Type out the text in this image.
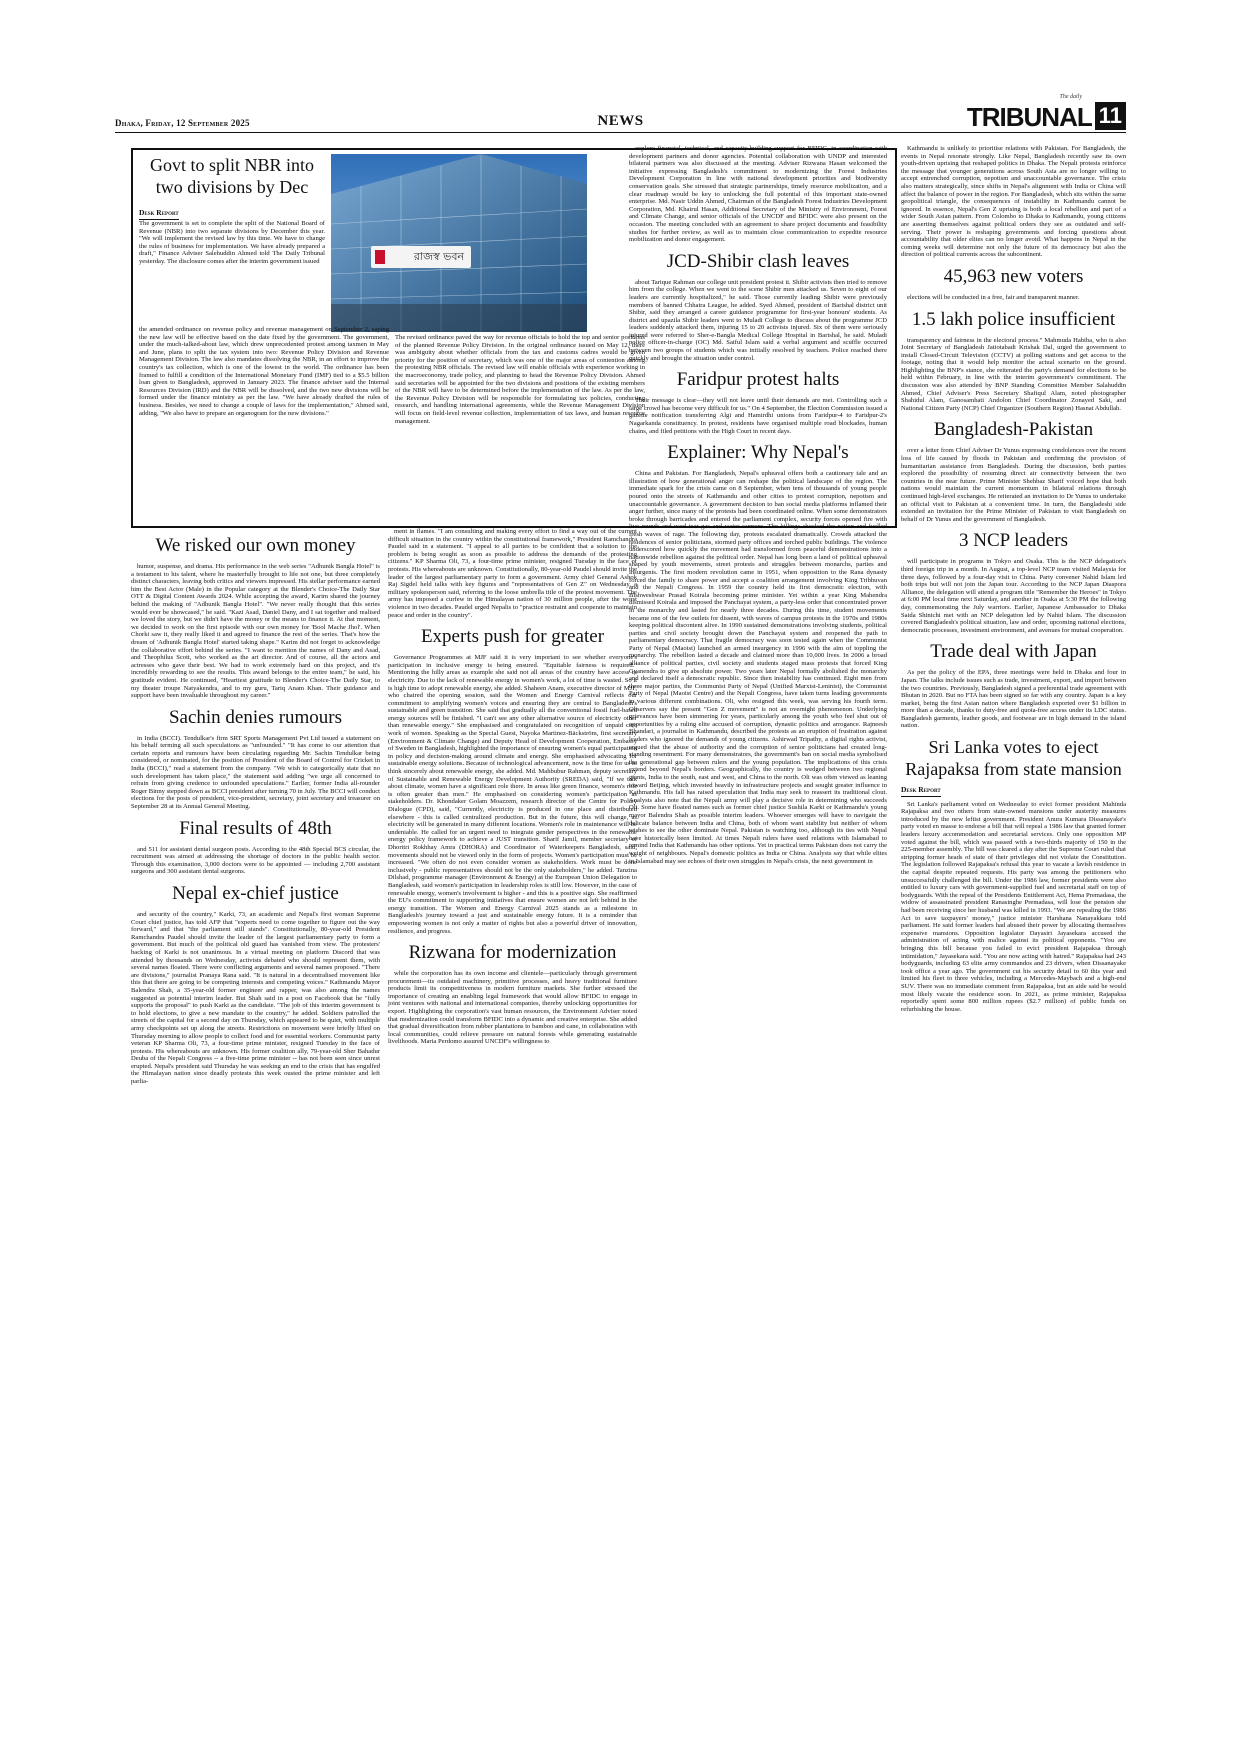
Dhaka, Friday, 12 September 2025	NEWS
The daily
TRIBUNAL 11
Govt to split NBR into two divisions by Dec
Desk Report
The government is set to complete the split of the National Board of Revenue (NBR) into two separate divisions by December this year. "We will implement the revised law by this time. We have to change the rules of business for implementation. We have already prepared a draft," Finance Adviser Salehuddin Ahmed told The Daily Tribunal yesterday. The disclosure comes after the interim government issued	রাজস্ব ভবন
the amended ordinance on revenue policy and revenue management on September 2, saying the new law will be effective based on the date fixed by the government. The government, under the much-talked-about law, which drew unprecedented protest among taxmen in May and June, plans to split the tax system into two: Revenue Policy Division and Revenue Management Division. The law also mandates dissolving the NBR, in an effort to improve the country's tax collection, which is one of the lowest in the world. The ordinance has been framed to fulfill a condition of the International Monetary Fund (IMF) tied to a $5.5 billion loan given to Bangladesh, approved in January 2023. The finance adviser said the Internal Resources Division (IRD) and the NBR will be dissolved, and the two new divisions will be formed under the finance ministry as per the law. "We have already drafted the rules of business. Besides, we need to change a couple of laws for the implementation," Ahmed said, adding, "We also have to prepare an organogram for the new divisions."
The revised ordinance paved the way for revenue officials to hold the top and senior positions of the planned Revenue Policy Division. In the original ordinance issued on May 12, there was ambiguity about whether officials from the tax and customs cadres would be given priority for the position of secretary, which was one of the major areas of contention among the protesting NBR officials. The revised law will enable officials with experience working in the macroeconomy, trade policy, and planning to head the Revenue Policy Division. Ahmed said secretaries will be appointed for the two divisions and positions of the existing members of the NBR will have to be determined before the implementation of the law. As per the law, the Revenue Policy Division will be responsible for formulating tax policies, conducting research, and handling international agreements, while the Revenue Management Division will focus on field-level revenue collection, implementation of tax laws, and human resource management.
We risked our own money

humor, suspense, and drama. His performance in the web series "Adhunik Bangla Hotel" is a testament to his talent, where he masterfully brought to life not one, but three completely distinct characters, leaving both critics and viewers impressed. His stellar performance earned him the Best Actor (Male) in the Popular category at the Blender's Choice-The Daily Star OTT & Digital Content Awards 2024. While accepting the award, Karim shared the journey behind the making of "Adhunik Bangla Hotel". "We never really thought that this series would ever be showcased," he said. "Kazi Asad, Daniel Dany, and I sat together and realised we loved the story, but we didn't have the money or the means to finance it. At that moment, we decided to work on the first episode with our own money for 'Bool Mache Jhol'. When Chorki saw it, they really liked it and agreed to finance the rest of the series. That's how the dream of 'Adhunik Bangla Hotel' started taking shape." Karim did not forget to acknowledge the collaborative effort behind the series. "I want to mention the names of Dany and Asad, and Theophilus Scott, who worked as the art director. And of course, all the actors and actresses who gave their best. We had to work extremely hard on this project, and it's incredibly rewarding to see the results. This award belongs to the entire team," he said, his gratitude evident. He continued, "Heartiest gratitude to Blender's Choice-The Daily Star, to my theater troupe Natyakendra, and to my guru, Tariq Anam Khan. Their guidance and support have been invaluable throughout my career."

Sachin denies rumours

in India (BCCI). Tendulkar's firm SRT Sports Management Pvt Ltd issued a statement on his behalf terming all such speculations as "unfounded." "It has come to our attention that certain reports and rumours have been circulating regarding Mr. Sachin Tendulkar being considered, or nominated, for the position of President of the Board of Control for Cricket in India (BCCI)," read a statement from the company. "We wish to categorically state that no such development has taken place," the statement said adding "we urge all concerned to refrain from giving credence to unfounded speculations." Earlier, former India all-rounder Roger Binny stepped down as BCCI president after turning 70 in July. The BCCI will conduct elections for the posts of president, vice-president, secretary, joint secretary and treasurer on September 28 at its Annual General Meeting.

Final results of 48th

and 511 for assistant dental surgeon posts. According to the 48th Special BCS circular, the recruitment was aimed at addressing the shortage of doctors in the public health sector. Through this examination, 3,000 doctors were to be appointed — including 2,700 assistant surgeons and 300 assistant dental surgeons.

Nepal ex-chief justice

and security of the country," Karki, 73, an academic and Nepal's first woman Supreme Court chief justice, has told AFP that "experts need to come together to figure out the way forward," and that "the parliament still stands". Constitutionally, 80-year-old President Ramchandra Paudel should invite the leader of the largest parliamentary party to form a government. But much of the political old guard has vanished from view. The protesters' backing of Karki is not unanimous. In a virtual meeting on platform Discord that was attended by thousands on Wednesday, activists debated who should represent them, with several names floated. There were conflicting arguments and several names proposed. "There are divisions," journalist Pranaya Rana said. "It is natural in a decentralised movement like this that there are going to be competing interests and competing voices." Kathmandu Mayor Balendra Shah, a 35-year-old former engineer and rapper, was also among the names suggested as potential interim leader. But Shah said in a post on Facebook that he "fully supports the proposal" to push Karki as the candidate. "The job of this interim government is to hold elections, to give a new mandate to the country," he added. Soldiers patrolled the streets of the capital for a second day on Thursday, which appeared to be quiet, with multiple army checkpoints set up along the streets. Restrictions on movement were briefly lifted on Thursday morning to allow people to collect food and for essential workers. Communist party veteran KP Sharma Oli, 73, a four-time prime minister, resigned Tuesday in the face of protests. His whereabouts are unknown. His former coalition ally, 79-year-old Sher Bahadur Deuba of the Nepali Congress -- a five-time prime minister -- has not been seen since unrest erupted. Nepal's president said Thursday he was seeking an end to the crisis that has engulfed the Himalayan nation since deadly protests this week ousted the prime minister and left parlia-

ment in flames. "I am consulting and making every effort to find a way out of the current difficult situation in the country within the constitutional framework," President Ramchandra Paudel said in a statement. "I appeal to all parties to be confident that a solution to the problem is being sought as soon as possible to address the demands of the protesting citizens." KP Sharma Oli, 73, a four-time prime minister, resigned Tuesday in the face of protests. His whereabouts are unknown. Constitutionally, 80-year-old Paudel should invite the leader of the largest parliamentary party to form a government. Army chief General Ashok Raj Sigdel held talks with key figures and "representatives of Gen Z" on Wednesday, a military spokesperson said, referring to the loose umbrella title of the protest movement. The army has imposed a curfew in the Himalayan nation of 30 million people, after the worst violence in two decades. Paudel urged Nepalis to "practice restraint and cooperate to maintain peace and order in the country".

Experts push for greater

Governance Programmes at MJF said it is very important to see whether everyone's participation in inclusive energy is being ensured. "Equitable fairness is required." Mentioning the hilly areas as example she said not all areas of the country have access to electricity. Due to the lack of renewable energy in women's work, a lot of time is wasted. So it is high time to adopt renewable energy, she added. Shaheen Anam, executive director of MJF, who chaired the opening session, said the Women and Energy Carnival reflects our commitment to amplifying women's voices and ensuring they are central to Bangladesh's sustainable and green transition. She said that gradually all the conventional fossil fuel-based energy sources will be finished. "I can't see any other alternative source of electricity other than renewable energy." She emphasised and congratulated on recognition of unpaid care work of women. Speaking as the Special Guest, Nayoka Martinez-Bäckström, first secretary (Environment & Climate Change) and Deputy Head of Development Cooperation, Embassy of Sweden in Bangladesh, highlighted the importance of ensuring women's equal participation in policy and decision-making around climate and energy. She emphasised advocating for sustainable energy solutions. Because of technological advancement, now is the time for us to think sincerely about renewable energy, she added. Md. Mahbubur Rahman, deputy secretary of Sustainable and Renewable Energy Development Authority (SREDA) said, "If we talk about climate, women have a significant role there. In areas like green finance, women's role is often greater than men." He emphasised on considering women's participation as stakeholders. Dr. Khondaker Golam Moazzem, research director of the Centre for Policy Dialogue (CPD), said, "Currently, electricity is produced in one place and distributed elsewhere - this is called centralized production. But in the future, this will change, as electricity will be generated in many different locations. Women's role in maintenance will be undeniable. He called for an urgent need to integrate gender perspectives in the renewable energy policy framework to achieve a JUST transition. Sharif Jamil, member secretary of Dhoritri Rokhhay Amra (DHORA) and Coordinator of Waterkeepers Bangladesh, said, movements should not be viewed only in the form of projects. Women's participation must be increased. "We often do not even consider women as stakeholders. Work must be done inclusively - public representatives should not be the only stakeholders," he added. Tanzina Dilshad, programme manager (Environment & Energy) at the European Union Delegation to Bangladesh, said women's participation in leadership roles is still low. However, in the case of renewable energy, women's involvement is higher - and this is a positive sign. She reaffirmed the EU's commitment to supporting initiatives that ensure women are not left behind in the energy transition. The Women and Energy Carnival 2025 stands as a milestone in Bangladesh's journey toward a just and sustainable energy future. It is a reminder that empowering women is not only a matter of rights but also a powerful driver of innovation, resilience, and progress.

Rizwana for modernization

while the corporation has its own income and clientele—particularly through government procurement—its outdated machinery, primitive processes, and heavy traditional furniture products limit its competitiveness in modern furniture markets. She further stressed the importance of creating an enabling legal framework that would allow BFIDC to engage in joint ventures with national and international companies, thereby unlocking opportunities for export. Highlighting the corporation's vast human resources, the Environment Adviser noted that modernization could transform BFIDC into a dynamic and creative enterprise. She added that gradual diversification from rubber plantations to bamboo and cane, in collaboration with local communities, could relieve pressure on natural forests while generating sustainable livelihoods. Maria Perdomo assured UNCDF's willingness to

explore financial, technical, and capacity-building support for BFIDC, in coordination with development partners and donor agencies. Potential collaboration with UNDP and interested bilateral partners was also discussed at the meeting. Adviser Rizwana Hasan welcomed the initiative expressing Bangladesh's commitment to modernizing the Forest Industries Development Corporation in line with national development priorities and biodiversity conservation goals. She stressed that strategic partnerships, timely resource mobilization, and a clear roadmap would be key to unlocking the full potential of this important state-owned enterprise. Md. Nasir Uddin Ahmed, Chairman of the Bangladesh Forest Industries Development Corporation, Md. Khairul Hasan, Additional Secretary of the Ministry of Environment, Forest and Climate Change, and senior officials of the UNCDF and BFIDC were also present on the occasion. The meeting concluded with an agreement to share project documents and feasibility studies for further review, as well as to maintain close communication to expedite resource mobilization and donor engagement.

JCD-Shibir clash leaves

about Tarique Rahman our college unit president protest it. Shibir activists then tried to remove him from the college. When we went to the scene Shibir men attacked us. Seven to eight of our leaders are currently hospitalized," he said. Those currently leading Shibir were previously members of banned Chhatra League, he added. Syed Ahmed, president of Barishal district unit Shibir, said they arranged a career guidance programme for first-year honours' students. As district and upazila Shibir leaders went to Muladi College to discuss about the programme JCD leaders suddenly attacked them, injuring 15 to 20 activists injured. Six of them were seriously injured were referred to Sher-e-Bangla Medical College Hospital in Barishal, he said. Muladi police officer-in-charge (OC) Md. Saiful Islam said a verbal argument and scuffle occurred between two groups of students which was initially resolved by teachers. Police reached there quickly and brought the situation under control.

Faridpur protest halts

Their message is clear—they will not leave until their demands are met. Controlling such a large crowd has become very difficult for us." On 4 September, the Election Commission issued a gazette notification transferring Algi and Hamirdhi unions from Faridpur-4 to Faridpur-2's Nagarkanda constituency. In protest, residents have organised multiple road blockades, human chains, and filed petitions with the High Court in recent days.

Explainer: Why Nepal's

China and Pakistan. For Bangladesh, Nepal's upheaval offers both a cautionary tale and an illustration of how generational anger can reshape the political landscape of the region. The immediate spark for the crisis came on 8 September, when tens of thousands of young people poured onto the streets of Kathmandu and other cities to protest corruption, nepotism and unaccountable governance. A government decision to ban social media platforms inflamed their anger further, since many of the protests had been coordinated online. When some demonstrators broke through barricades and entered the parliament complex, security forces opened fire with live rounds and used tear gas and water cannons. The killings shocked the nation and fuelled fresh waves of rage. The following day, protests escalated dramatically. Crowds attacked the residences of senior politicians, stormed party offices and torched public buildings. The violence underscored how quickly the movement had transformed from peaceful demonstrations into a nationwide rebellion against the political order. Nepal has long been a land of political upheaval shaped by youth movements, street protests and struggles between monarchs, parties and insurgents. The first modern revolution came in 1951, when opposition to the Rana dynasty forced the family to share power and accept a coalition arrangement involving King Tribhuvan and the Nepali Congress. In 1959 the country held its first democratic election, with Bishweshwar Prasad Koirala becoming prime minister. Yet within a year King Mahendra dismissed Koirala and imposed the Panchayat system, a party-less order that concentrated power in the monarchy and lasted for nearly three decades. During this time, student movements became one of the few outlets for dissent, with waves of campus protests in the 1970s and 1980s keeping political discontent alive. In 1990 sustained demonstrations involving students, political parties and civil society brought down the Panchayat system and reopened the path to parliamentary democracy. That fragile democracy was soon tested again when the Communist Party of Nepal (Maoist) launched an armed insurgency in 1996 with the aim of toppling the monarchy. The rebellion lasted a decade and claimed more than 10,000 lives. In 2006 a broad alliance of political parties, civil society and students staged mass protests that forced King Gyanendra to give up absolute power. Two years later Nepal formally abolished the monarchy and declared itself a democratic republic. Since then instability has continued. Eight men from three major parties, the Communist Party of Nepal (Unified Marxist-Leninist), the Communist Party of Nepal (Maoist Centre) and the Nepali Congress, have taken turns leading governments in various different combinations. Oli, who resigned this week, was serving his fourth term. Observers say the present "Gen Z movement" is not an overnight phenomenon. Underlying grievances have been simmering for years, particularly among the youth who feel shut out of opportunities by a ruling elite accused of corruption, dynastic politics and arrogance. Rajneesh Bhandari, a journalist in Kathmandu, described the protests as an eruption of frustration against leaders who ignored the demands of young citizens. Ashirwad Tripathy, a digital rights activist, argued that the abuse of authority and the corruption of senior politicians had created long-standing resentment. For many demonstrators, the government's ban on social media symbolised the generational gap between rulers and the young population. The implications of this crisis extend beyond Nepal's borders. Geographically, the country is wedged between two regional giants, India to the south, east and west, and China to the north. Oli was often viewed as leaning toward Beijing, which invested heavily in infrastructure projects and sought greater influence in Kathmandu. His fall has raised speculation that India may seek to reassert its traditional clout. Analysts also note that the Nepali army will play a decisive role in determining who succeeds Oli. Some have floated names such as former chief justice Sushila Karki or Kathmandu's young mayor Balendra Shah as possible interim leaders. Whoever emerges will have to navigate the delicate balance between India and China, both of whom want stability but neither of whom wishes to see the other dominate Nepal. Pakistan is watching too, although its ties with Nepal have historically been limited. At times Nepali rulers have used relations with Islamabad to remind India that Kathmandu has other options. Yet in practical terms Pakistan does not carry the weight of neighbours. Nepal's domestic politics as India or China. Analysts say that while elites in Islamabad may see echoes of their own struggles in Nepal's crisis, the next government in

Kathmandu is unlikely to prioritise relations with Pakistan. For Bangladesh, the events in Nepal resonate strongly. Like Nepal, Bangladesh recently saw its own youth-driven uprising that reshaped politics in Dhaka. The Nepali protests reinforce the message that younger generations across South Asia are no longer willing to accept entrenched corruption, nepotism and unaccountable governance. The crisis also matters strategically, since shifts in Nepal's alignment with India or China will affect the balance of power in the region. For Bangladesh, which sits within the same geopolitical triangle, the consequences of instability in Kathmandu cannot be ignored. In essence, Nepal's Gen Z uprising is both a local rebellion and part of a wider South Asian pattern. From Colombo to Dhaka to Kathmandu, young citizens are asserting themselves against political orders they see as outdated and self-serving. Their power is reshaping governments and forcing questions about accountability that older elites can no longer avoid. What happens in Nepal in the coming weeks will determine not only the future of its democracy but also the direction of political currents across the subcontinent.

45,963 new voters

elections will be conducted in a free, fair and transparent manner.

1.5 lakh police insufficient

transparency and fairness in the electoral process." Mahmuda Habiba, who is also Joint Secretary of Bangladesh Jatiotabadi Krishak Dal, urged the government to install Closed-Circuit Television (CCTV) at polling stations and get access to the footage, noting that it would help monitor the actual scenario on the ground. Highlighting the BNP's stance, she reiterated the party's demand for elections to be held within February, in line with the interim government's commitment. The discussion was also attended by BNP Standing Committee Member Salahuddin Ahmed, Chief Adviser's Press Secretary Shafiqul Alam, noted photographer Shahidul Alam, Ganosamhati Andolon Chief Coordinator Zonayed Saki, and National Citizen Party (NCP) Chief Organizer (Southern Region) Hasnat Abdullah.

Bangladesh-Pakistan

over a letter from Chief Adviser Dr Yunus expressing condolences over the recent loss of life caused by floods in Pakistan and confirming the provision of humanitarian assistance from Bangladesh. During the discussion, both parties explored the possibility of resuming direct air connectivity between the two countries in the near future. Prime Minister Shehbaz Sharif voiced hope that both nations would maintain the current momentum in bilateral relations through continued high-level exchanges. He reiterated an invitation to Dr Yunus to undertake an official visit to Pakistan at a convenient time. In turn, the Bangladeshi side extended an invitation for the Prime Minister of Pakistan to visit Bangladesh on behalf of Dr Yunus and the government of Bangladesh.

3 NCP leaders

will participate in programs in Tokyo and Osaka. This is the NCP delegation's third foreign trip in a month. In August, a top-level NCP team visited Malaysia for three days, followed by a four-day visit to China. Party convener Nahid Islam led both trips but will not join the Japan tour. According to the NCP Japan Diaspora Alliance, the delegation will attend a program title "Remember the Heroes" in Tokyo at 6:00 PM local time next Saturday, and another in Osaka at 5:30 PM the following day, commemorating the July warriors. Earlier, Japanese Ambassador to Dhaka Saida Shinichi met with an NCP delegation led by Nahid Islam. The discussion covered Bangladesh's political situation, law and order, upcoming national elections, democratic processes, investment environment, and avenues for mutual cooperation.

Trade deal with Japan

As per the policy of the EPA, three meetings were held in Dhaka and four in Japan. The talks include issues such as trade, investment, export, and import between the two countries. Previously, Bangladesh signed a preferential trade agreement with Bhutan in 2020. But no FTA has been signed so far with any country. Japan is a key market, being the first Asian nation where Bangladesh exported over $1 billion in more than a decade, thanks to duty-free and quota-free access under its LDC status. Bangladesh garments, leather goods, and footwear are in high demand in the island nation.

Sri Lanka votes to eject Rajapaksa from state mansion
Desk Report

Sri Lanka's parliament voted on Wednesday to evict former president Mahinda Rajapaksa and two others from state-owned mansions under austerity measures introduced by the new leftist government. President Anura Kumara Dissanayake's party voted en masse to endorse a bill that will repeal a 1986 law that granted former leaders luxury accommodation and secretarial services. Only one opposition MP voted against the bill, which was passed with a two-thirds majority of 150 in the 225-member assembly. The bill was cleared a day after the Supreme Court ruled that stripping former heads of state of their privileges did not violate the Constitution. The legislation followed Rajapaksa's refusal this year to vacate a lavish residence in the capital despite repeated requests. His party was among the petitioners who unsuccessfully challenged the bill. Under the 1986 law, former presidents were also entitled to luxury cars with government-supplied fuel and secretarial staff on top of bodyguards. With the repeal of the Presidents Entitlement Act, Hema Premadasa, the widow of assassinated president Ranasinghe Premadasa, will lose the pension she had been receiving since her husband was killed in 1993. "We are repealing the 1986 Act to save taxpayers' money," justice minister Harshana Nanayakkara told parliament. He said former leaders had abused their power by allocating themselves expensive mansions. Opposition legislator Dayasiri Jayasekara accused the administration of acting with malice against its political opponents. "You are bringing this bill because you failed to evict president Rajapaksa through intimidation," Jayasekara said. "You are now acting with hatred." Rajapaksa had 243 bodyguards, including 63 elite army commandos and 23 drivers, when Dissanayake took office a year ago. The government cut his security detail to 60 this year and limited his fleet to three vehicles, including a Mercedes-Maybach and a high-end SUV. There was no immediate comment from Rajapaksa, but an aide said he would most likely vacate the residence soon. In 2021, as prime minister, Rajapaksa reportedly spent some 800 million rupees ($2.7 million) of public funds on refurbishing the house.
